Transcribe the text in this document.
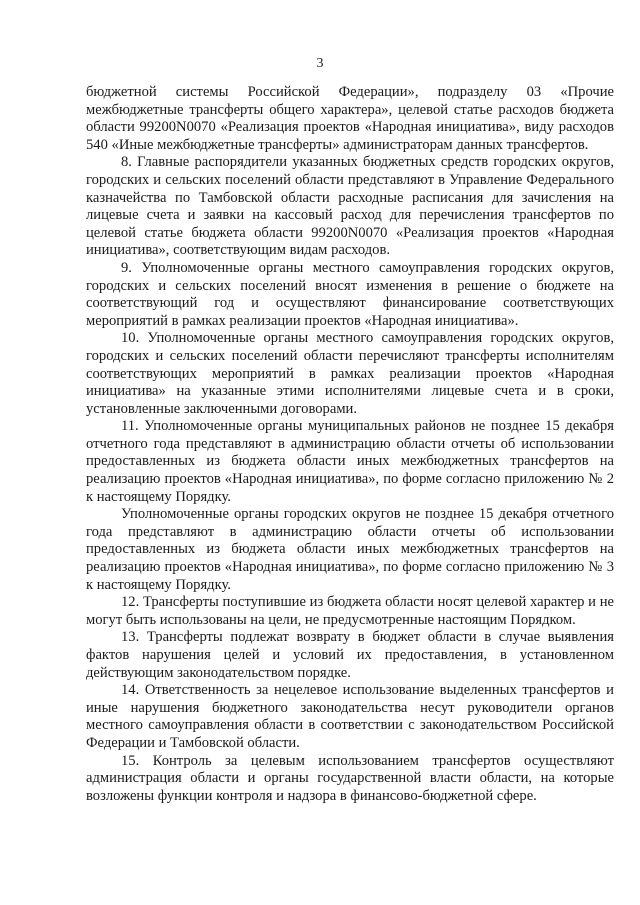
3

бюджетной системы Российской Федерации», подразделу 03 «Прочие межбюджетные трансферты общего характера», целевой статье расходов бюджета области 99200N0070 «Реализация проектов «Народная инициатива», виду расходов 540 «Иные межбюджетные трансферты» администраторам данных трансфертов.

8. Главные распорядители указанных бюджетных средств городских округов, городских и сельских поселений области представляют в Управление Федерального казначейства по Тамбовской области расходные расписания для зачисления на лицевые счета и заявки на кассовый расход для перечисления трансфертов по целевой статье бюджета области 99200N0070 «Реализация проектов «Народная инициатива», соответствующим видам расходов.

9. Уполномоченные органы местного самоуправления городских округов, городских и сельских поселений вносят изменения в решение о бюджете на соответствующий год и осуществляют финансирование соответствующих мероприятий в рамках реализации проектов «Народная инициатива».

10. Уполномоченные органы местного самоуправления городских округов, городских и сельских поселений области перечисляют трансферты исполнителям соответствующих мероприятий в рамках реализации проектов «Народная инициатива» на указанные этими исполнителями лицевые счета и в сроки, установленные заключенными договорами.

11. Уполномоченные органы муниципальных районов не позднее 15 декабря отчетного года представляют в администрацию области отчеты об использовании предоставленных из бюджета области иных межбюджетных трансфертов на реализацию проектов «Народная инициатива», по форме согласно приложению № 2 к настоящему Порядку.

Уполномоченные органы городских округов не позднее 15 декабря отчетного года представляют в администрацию области отчеты об использовании предоставленных из бюджета области иных межбюджетных трансфертов на реализацию проектов «Народная инициатива», по форме согласно приложению № 3 к настоящему Порядку.

12. Трансферты поступившие из бюджета области носят целевой характер и не могут быть использованы на цели, не предусмотренные настоящим Порядком.

13. Трансферты подлежат возврату в бюджет области в случае выявления фактов нарушения целей и условий их предоставления, в установленном действующим законодательством порядке.

14. Ответственность за нецелевое использование выделенных трансфертов и иные нарушения бюджетного законодательства несут руководители органов местного самоуправления области в соответствии с законодательством Российской Федерации и Тамбовской области.

15. Контроль за целевым использованием трансфертов осуществляют администрация области и органы государственной власти области, на которые возложены функции контроля и надзора в финансово-бюджетной сфере.
